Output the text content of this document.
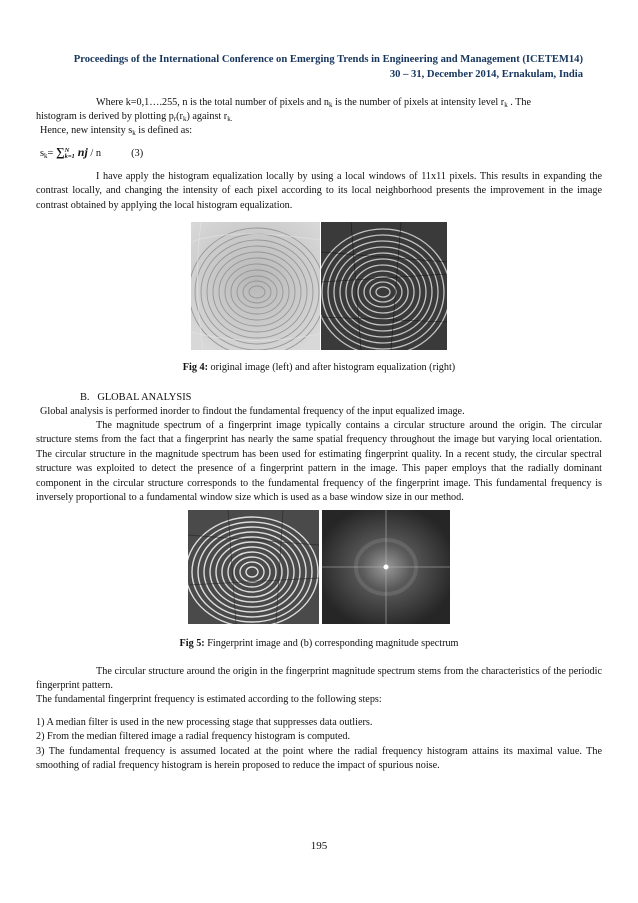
Proceedings of the International Conference on Emerging Trends in Engineering and Management (ICETEM14)
30 – 31, December 2014, Ernakulam, India
Where k=0,1….255, n is the total number of pixels and $n_k$ is the number of pixels at intensity level $r_k$ . The
histogram is derived by plotting $p_r(r_k)$ against $r_{k.}$
Hence, new intensity $s_k$ is defined as:
$s_k=$ ∑ N
k=1 nj / n	(3)
I have apply the histogram equalization locally by using a local windows of 11x11 pixels. This results in expanding the contrast locally, and changing the intensity of each pixel according to its local neighborhood presents the improvement in the image contrast obtained by applying the local histogram equalization.
Fig 4: original image (left) and after histogram equalization (right)
B. GLOBAL ANALYSIS
Global analysis is performed inorder to findout the fundamental frequency of the input equalized image.
The magnitude spectrum of a fingerprint image typically contains a circular structure around the origin. The circular structure stems from the fact that a fingerprint has nearly the same spatial frequency throughout the image but varying local orientation. The circular structure in the magnitude spectrum has been used for estimating fingerprint quality. In a recent study, the circular spectral structure was exploited to detect the presence of a fingerprint pattern in the image. This paper employs that the radially dominant component in the circular structure corresponds to the fundamental frequency of the fingerprint image. This fundamental frequency is inversely proportional to a fundamental window size which is used as a base window size in our method.
Fig 5: Fingerprint image and (b) corresponding magnitude spectrum
The circular structure around the origin in the fingerprint magnitude spectrum stems from the characteristics of the periodic fingerprint pattern.
The fundamental fingerprint frequency is estimated according to the following steps:
1) A median filter is used in the new processing stage that suppresses data outliers.
2) From the median filtered image a radial frequency histogram is computed.
3) The fundamental frequency is assumed located at the point where the radial frequency histogram attains its maximal value. The smoothing of radial frequency histogram is herein proposed to reduce the impact of spurious noise.
195
